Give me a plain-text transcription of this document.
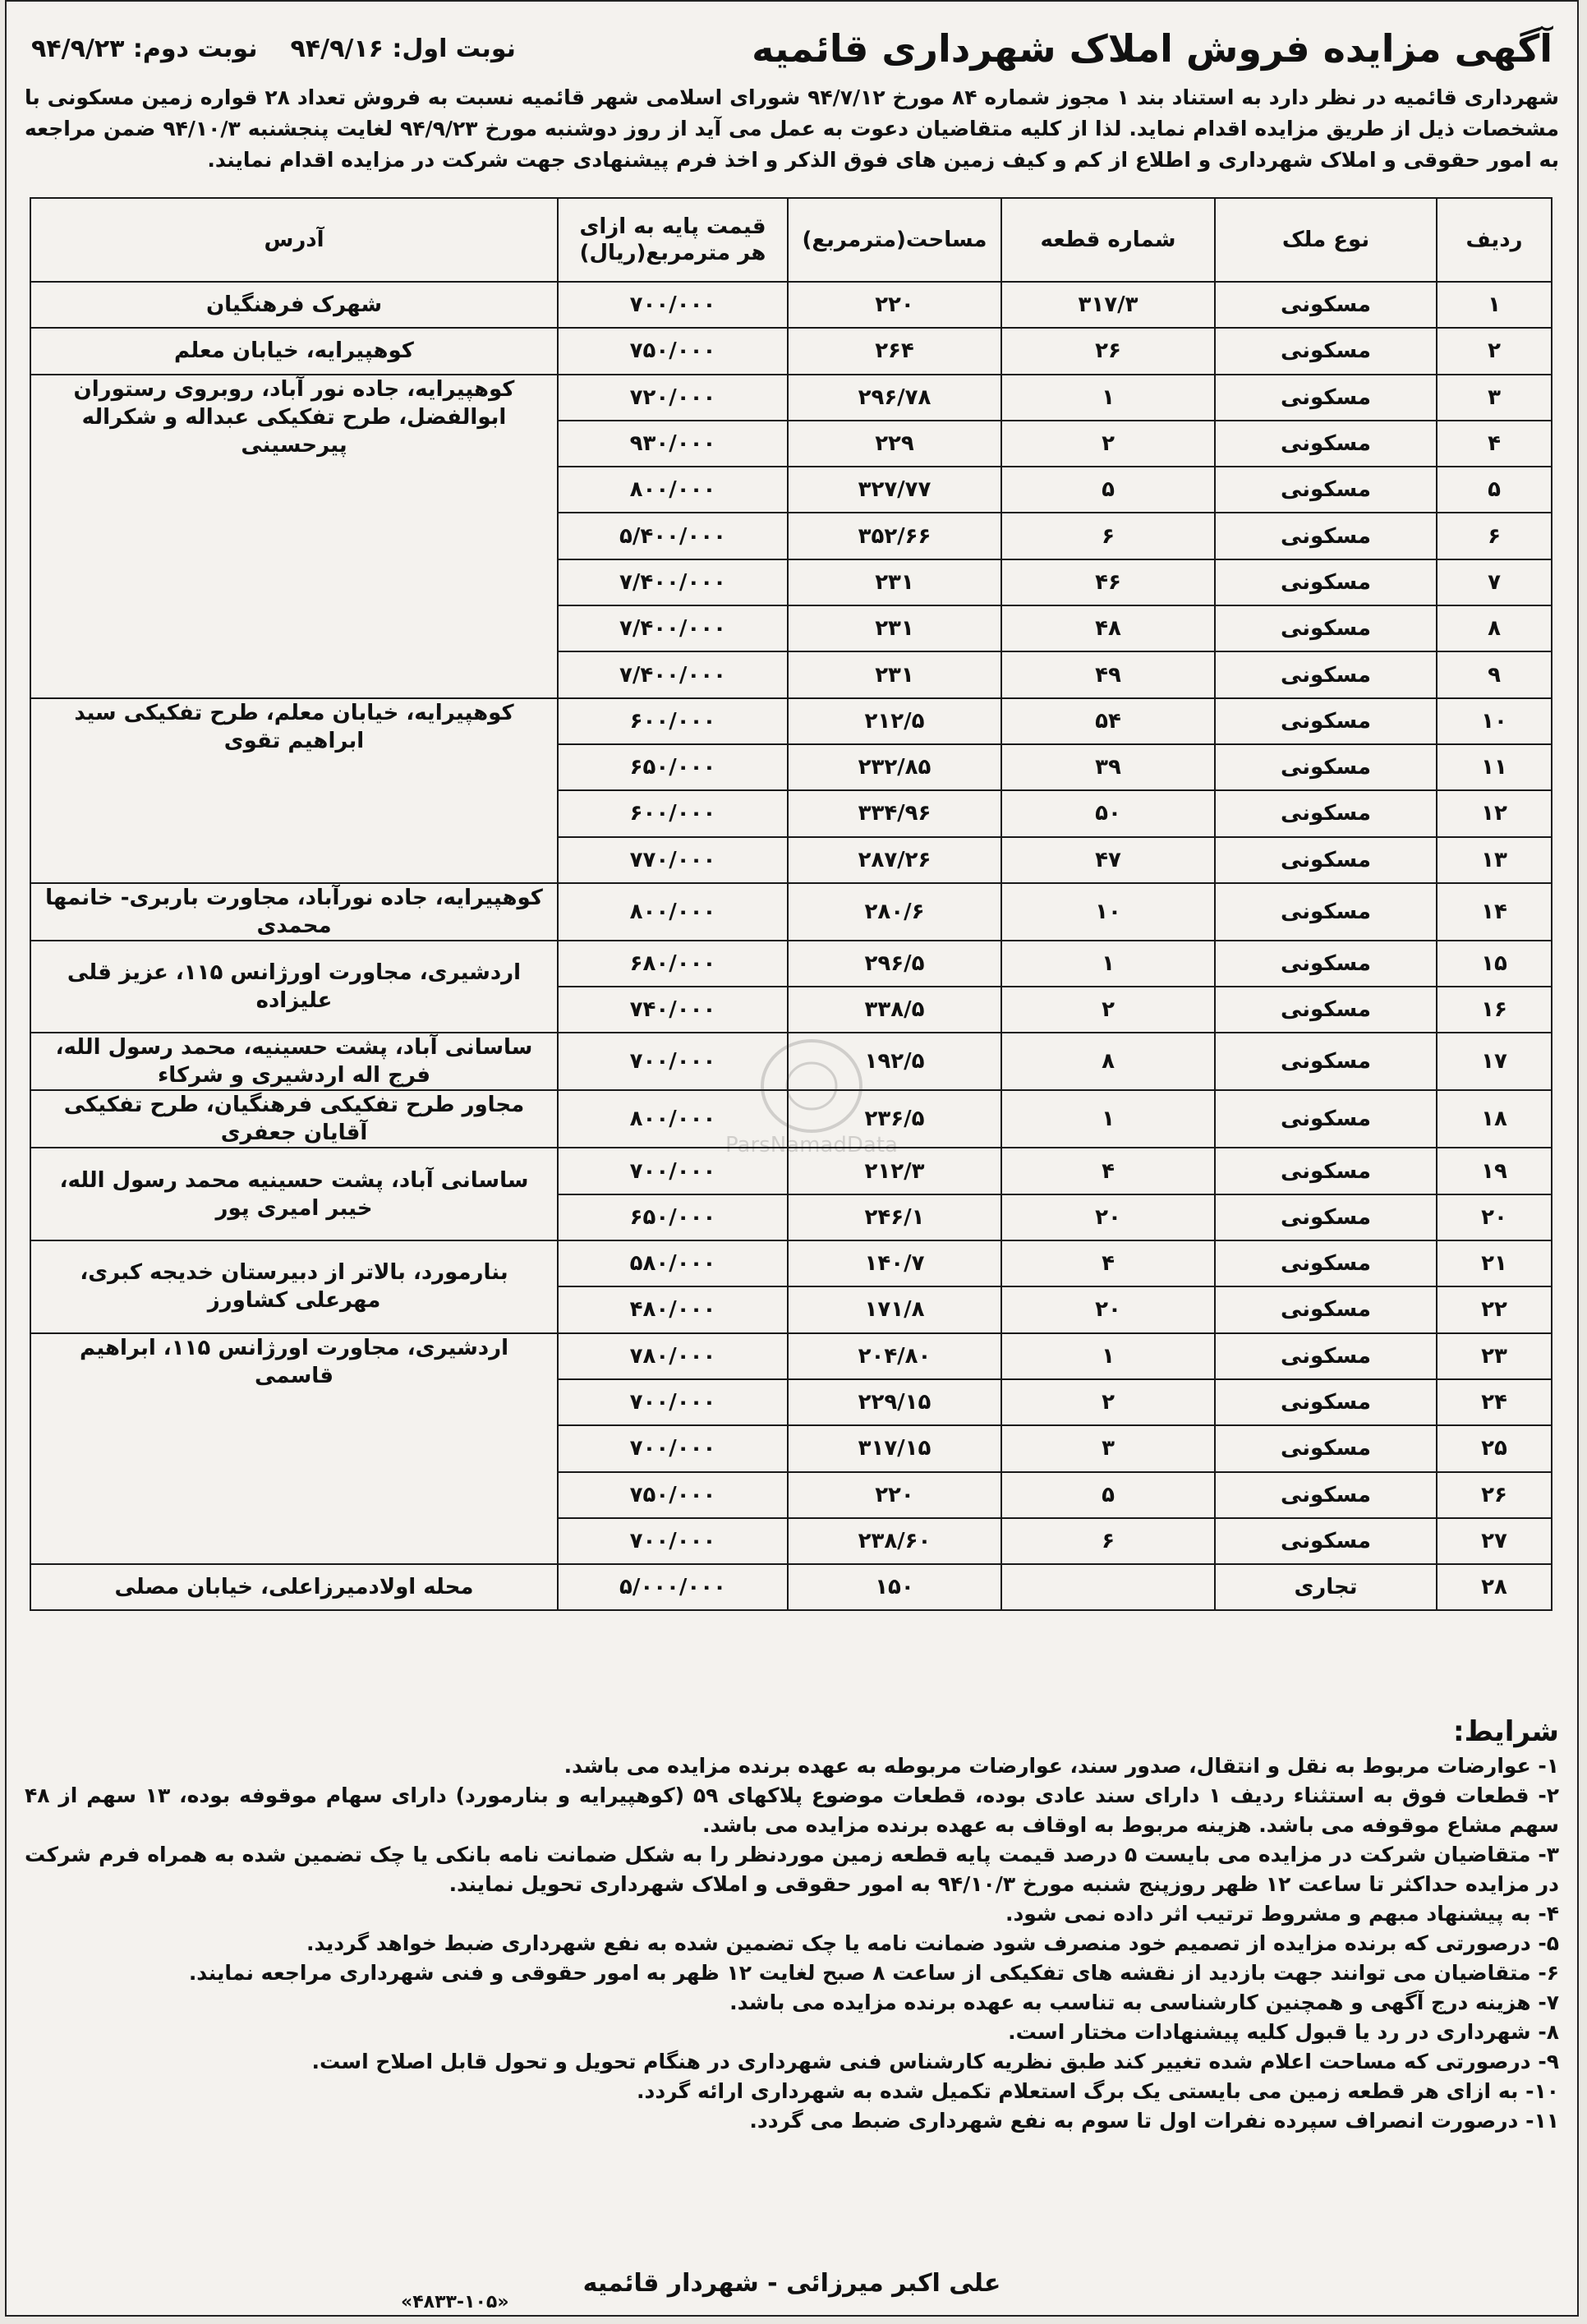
آگهی مزایده فروش املاک شهرداری قائمیه
نوبت اول: ۹۴/۹/۱۶
نوبت دوم: ۹۴/۹/۲۳
شهرداری قائمیه در نظر دارد به استناد بند ۱ مجوز شماره ۸۴ مورخ ۹۴/۷/۱۲ شورای اسلامی شهر قائمیه نسبت به فروش تعداد ۲۸ قواره زمین مسکونی با مشخصات ذیل از طریق مزایده اقدام نماید. لذا از کلیه متقاضیان دعوت به عمل می آید از روز دوشنبه مورخ ۹۴/۹/۲۳ لغایت پنجشنبه ۹۴/۱۰/۳ ضمن مراجعه به امور حقوقی و املاک شهرداری و اطلاع از کم و کیف زمین های فوق الذکر و اخذ فرم پیشنهادی جهت شرکت در مزایده اقدام نمایند.
ردیف	نوع ملک	شماره قطعه	مساحت(مترمربع)	قیمت پایه به ازای هر مترمربع(ریال)	آدرس
۱	مسکونی	۳۱۷/۳	۲۲۰	۷۰۰/۰۰۰	شهرک فرهنگیان
۲	مسکونی	۲۶	۲۶۴	۷۵۰/۰۰۰	کوهپیرایه، خیابان معلم
۳	مسکونی	۱	۲۹۶/۷۸	۷۲۰/۰۰۰	کوهپیرایه، جاده نور آباد، روبروی رستوران ابوالفضل، طرح تفکیکی عبداله و شکراله پیرحسینی
۴	مسکونی	۲	۲۲۹	۹۳۰/۰۰۰	
۵	مسکونی	۵	۳۲۷/۷۷	۸۰۰/۰۰۰	
۶	مسکونی	۶	۳۵۲/۶۶	۵/۴۰۰/۰۰۰	
۷	مسکونی	۴۶	۲۳۱	۷/۴۰۰/۰۰۰	
۸	مسکونی	۴۸	۲۳۱	۷/۴۰۰/۰۰۰	
۹	مسکونی	۴۹	۲۳۱	۷/۴۰۰/۰۰۰	
۱۰	مسکونی	۵۴	۲۱۲/۵	۶۰۰/۰۰۰	کوهپیرایه، خیابان معلم، طرح تفکیکی سید ابراهیم تقوی
۱۱	مسکونی	۳۹	۲۳۲/۸۵	۶۵۰/۰۰۰	
۱۲	مسکونی	۵۰	۳۳۴/۹۶	۶۰۰/۰۰۰	
۱۳	مسکونی	۴۷	۲۸۷/۲۶	۷۷۰/۰۰۰	
۱۴	مسکونی	۱۰	۲۸۰/۶	۸۰۰/۰۰۰	کوهپیرایه، جاده نورآباد، مجاورت باربری- خانمها محمدی
۱۵	مسکونی	۱	۲۹۶/۵	۶۸۰/۰۰۰	اردشیری، مجاورت اورژانس ۱۱۵، عزیز قلی علیزاده
۱۶	مسکونی	۲	۳۳۸/۵	۷۴۰/۰۰۰	
۱۷	مسکونی	۸	۱۹۲/۵	۷۰۰/۰۰۰	ساسانی آباد، پشت حسینیه، محمد رسول الله، فرج اله اردشیری و شرکاء
۱۸	مسکونی	۱	۲۳۶/۵	۸۰۰/۰۰۰	مجاور طرح تفکیکی فرهنگیان، طرح تفکیکی آقایان جعفری
۱۹	مسکونی	۴	۲۱۲/۳	۷۰۰/۰۰۰	ساسانی آباد، پشت حسینیه محمد رسول الله، خیبر امیری پور
۲۰	مسکونی	۲۰	۲۴۶/۱	۶۵۰/۰۰۰	
۲۱	مسکونی	۴	۱۴۰/۷	۵۸۰/۰۰۰	بنارمورد، بالاتر از دبیرستان خدیجه کبری، مهرعلی کشاورز
۲۲	مسکونی	۲۰	۱۷۱/۸	۴۸۰/۰۰۰	
۲۳	مسکونی	۱	۲۰۴/۸۰	۷۸۰/۰۰۰	اردشیری، مجاورت اورژانس ۱۱۵، ابراهیم قاسمی
۲۴	مسکونی	۲	۲۲۹/۱۵	۷۰۰/۰۰۰	
۲۵	مسکونی	۳	۳۱۷/۱۵	۷۰۰/۰۰۰	
۲۶	مسکونی	۵	۲۲۰	۷۵۰/۰۰۰	
۲۷	مسکونی	۶	۲۳۸/۶۰	۷۰۰/۰۰۰	
۲۸	تجاری		۱۵۰	۵/۰۰۰/۰۰۰	محله اولادمیرزاعلی، خیابان مصلی
ParsNamadData
شرایط:
۱- عوارضات مربوط به نقل و انتقال، صدور سند، عوارضات مربوطه به عهده برنده مزایده می باشد.
۲- قطعات فوق به استثناء ردیف ۱ دارای سند عادی بوده، قطعات موضوع پلاکهای ۵۹ (کوهپیرایه و بنارمورد) دارای سهام موقوفه بوده، ۱۳ سهم از ۴۸ سهم مشاع موقوفه می باشد. هزینه مربوط به اوقاف به عهده برنده مزایده می باشد.
۳- متقاضیان شرکت در مزایده می بایست ۵ درصد قیمت پایه قطعه زمین موردنظر را به شکل ضمانت نامه بانکی یا چک تضمین شده به همراه فرم شرکت در مزایده حداکثر تا ساعت ۱۲ ظهر روزپنج شنبه مورخ ۹۴/۱۰/۳ به امور حقوقی و املاک شهرداری تحویل نمایند.
۴- به پیشنهاد مبهم و مشروط ترتیب اثر داده نمی شود.
۵- درصورتی که برنده مزایده از تصمیم خود منصرف شود ضمانت نامه یا چک تضمین شده به نفع شهرداری ضبط خواهد گردید.
۶- متقاضیان می توانند جهت بازدید از نقشه های تفکیکی از ساعت ۸ صبح لغایت ۱۲ ظهر به امور حقوقی و فنی شهرداری مراجعه نمایند.
۷- هزینه درج آگهی و همچنین کارشناسی به تناسب به عهده برنده مزایده می باشد.
۸- شهرداری در رد یا قبول کلیه پیشنهادات مختار است.
۹- درصورتی که مساحت اعلام شده تغییر کند طبق نظریه کارشناس فنی شهرداری در هنگام تحویل و تحول قابل اصلاح است.
۱۰- به ازای هر قطعه زمین می بایستی یک برگ استعلام تکمیل شده به شهرداری ارائه گردد.
۱۱- درصورت انصراف سپرده نفرات اول تا سوم به نفع شهرداری ضبط می گردد.
علی اکبر میرزائی - شهردار قائمیه
«۴۸۳۳-۱۰۵»
